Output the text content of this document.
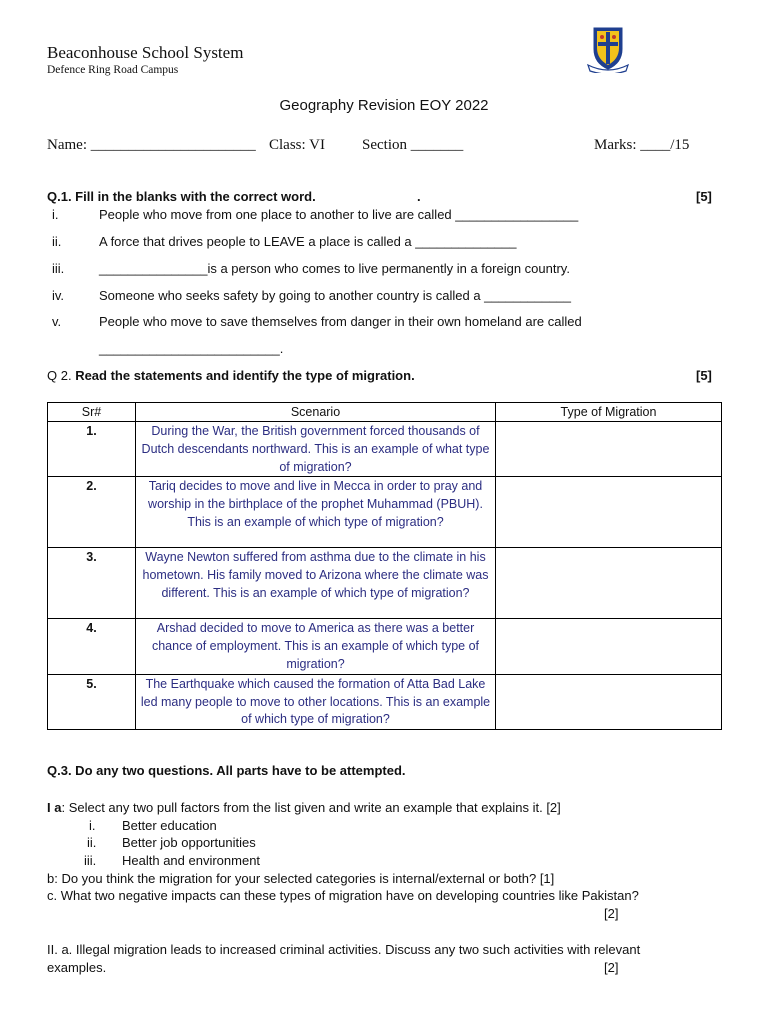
Beaconhouse School System
Defence Ring Road Campus
Geography Revision EOY 2022
Name: ______________________ Class: VI Section _______	Marks: ____/15
Q.1. Fill in the blanks with the correct word.	.	[5]
i.	People who move from one place to another to live are called _________________
ii.	A force that drives people to LEAVE a place is called a ______________
iii.	_______________is a person who comes to live permanently in a foreign country.
iv.	Someone who seeks safety by going to another country is called a ____________
v.	People who move to save themselves from danger in their own homeland are called
_________________________.
Q 2. Read the statements and identify the type of migration.	[5]
Sr#	Scenario	Type of Migration
1.	During the War, the British government forced thousands of Dutch descendants northward. This is an example of what type of migration?	
2.	Tariq decides to move and live in Mecca in order to pray and worship in the birthplace of the prophet Muhammad (PBUH). This is an example of which type of migration?	
3.	Wayne Newton suffered from asthma due to the climate in his hometown. His family moved to Arizona where the climate was different. This is an example of which type of migration?	
4.	Arshad decided to move to America as there was a better chance of employment. This is an example of which type of migration?	
5.	The Earthquake which caused the formation of Atta Bad Lake led many people to move to other locations. This is an example of which type of migration?	
Q.3. Do any two questions. All parts have to be attempted.
I a: Select any two pull factors from the list given and write an example that explains it. [2]
i. Better education
ii. Better job opportunities
iii. Health and environment
b: Do you think the migration for your selected categories is internal/external or both? [1]
c. What two negative impacts can these types of migration have on developing countries like Pakistan?
[2]
II. a. Illegal migration leads to increased criminal activities. Discuss any two such activities with relevant
examples.	[2]
